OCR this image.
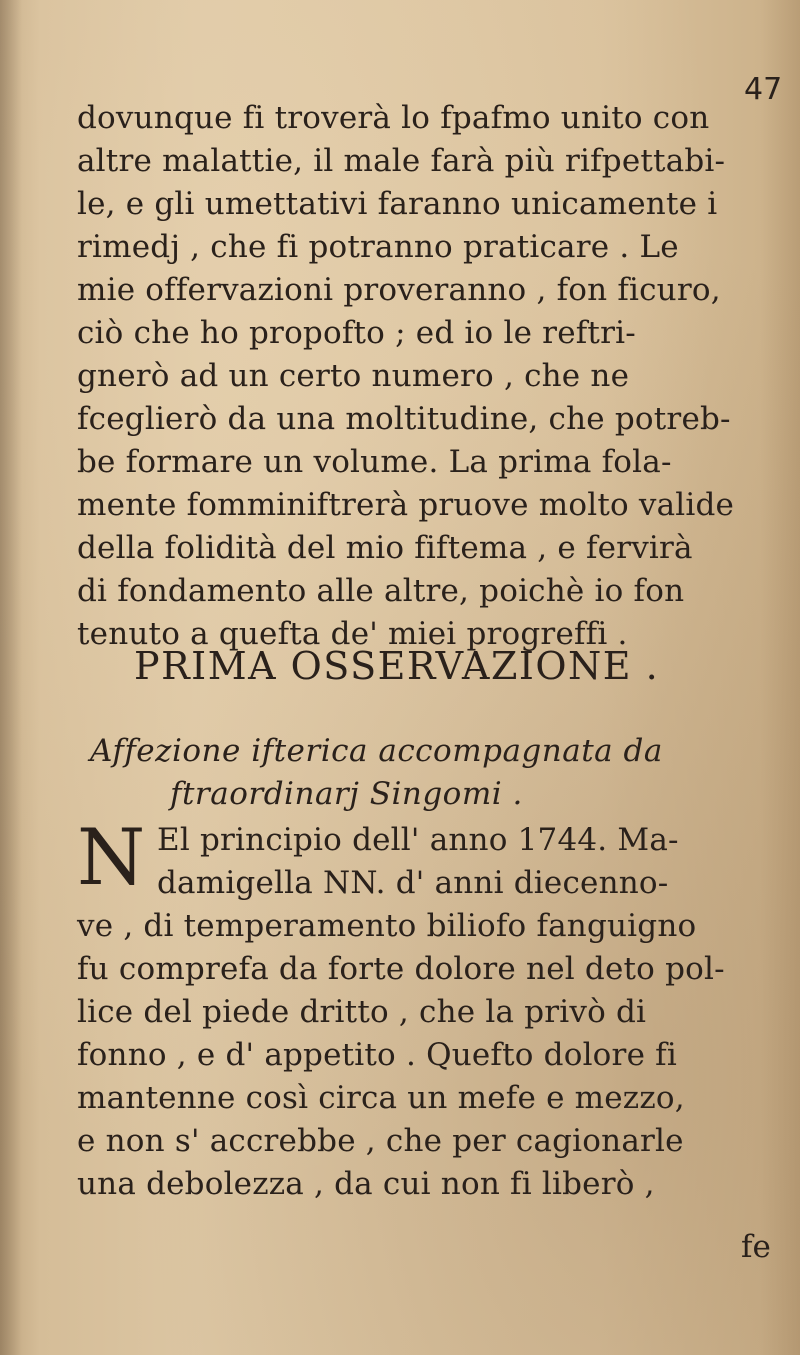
47
dovunque fi troverà lo fpafmo unito con
altre malattie, il male farà più rifpettabi-
le, e gli umettativi faranno unicamente i
rimedj , che fi potranno praticare . Le
mie offervazioni proveranno , fon ficuro,
ciò che ho propofto ; ed io le reftri-
gnerò ad un certo numero , che ne
fceglierò da una moltitudine, che potreb-
be formare un volume. La prima fola-
mente fomminiftrerà pruove molto valide
della folidità del mio fiftema , e fervirà
di fondamento alle altre, poichè io fon
tenuto a quefta de' miei progreffi .
PRIMA OSSERVAZIONE .
Affezione ifterica accompagnata da
ftraordinarj Singomi .
N El principio dell' anno 1744. Ma-
damigella NN. d' anni diecenno-
ve , di temperamento biliofo fanguigno
fu comprefa da forte dolore nel deto pol-
lice del piede dritto , che la privò di
fonno , e d' appetito . Quefto dolore fi
mantenne così circa un mefe e mezzo,
e non s' accrebbe , che per cagionarle
una debolezza , da cui non fi liberò ,
fe
